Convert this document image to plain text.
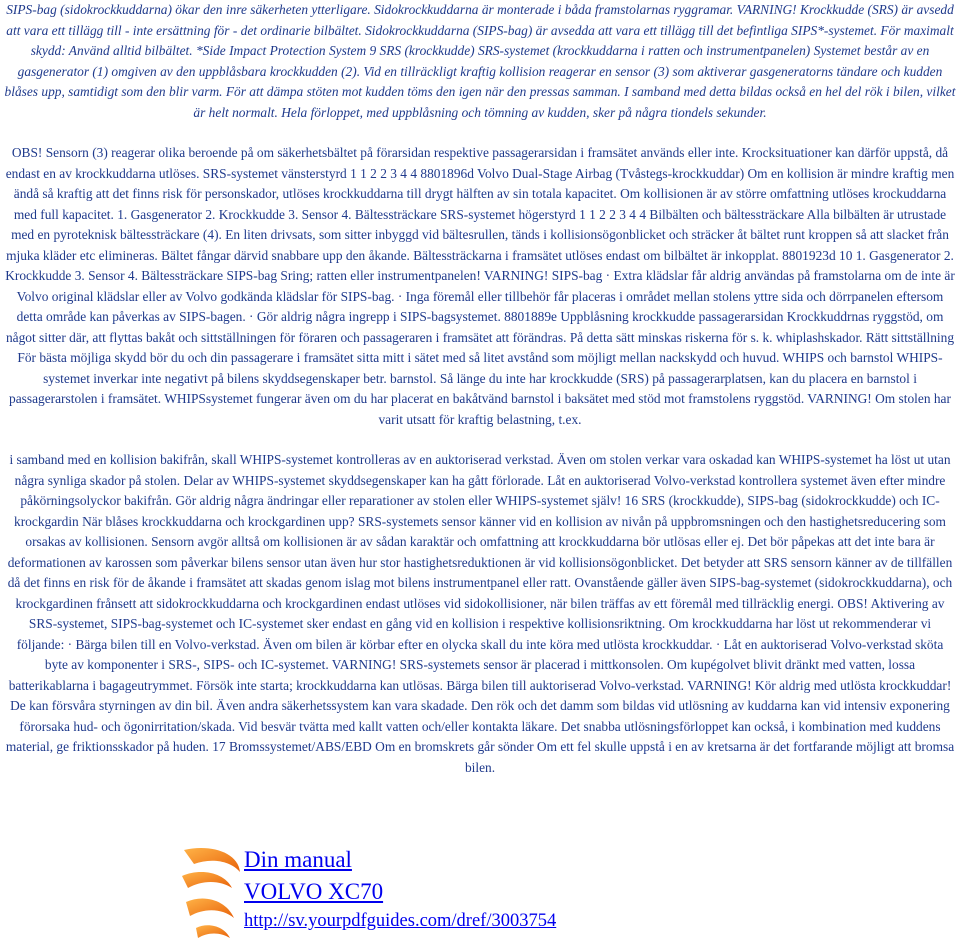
SIPS-bag (sidokrockkuddarna) ökar den inre säkerheten ytterligare. Sidokrockkuddarna är monterade i båda framstolarnas ryggramar. VARNING! Krockkudde (SRS) är avsedd att vara ett tillägg till - inte ersättning för - det ordinarie bilbältet. Sidokrockkuddarna (SIPS-bag) är avsedda att vara ett tillägg till det befintliga SIPS*-systemet. För maximalt skydd: Använd alltid bilbältet. *Side Impact Protection System 9 SRS (krockkudde) SRS-systemet (krockkuddarna i ratten och instrumentpanelen) Systemet består av en gasgenerator (1) omgiven av den uppblåsbara krockkudden (2). Vid en tillräckligt kraftig kollision reagerar en sensor (3) som aktiverar gasgeneratorns tändare och kudden blåses upp, samtidigt som den blir varm. För att dämpa stöten mot kudden töms den igen när den pressas samman. I samband med detta bildas också en hel del rök i bilen, vilket är helt normalt. Hela förloppet, med uppblåsning och tömning av kudden, sker på några tiondels sekunder.

OBS! Sensorn (3) reagerar olika beroende på om säkerhetsbältet på förarsidan respektive passagerarsidan i framsätet används eller inte. Krocksituationer kan därför uppstå, då endast en av krockkuddarna utlöses. SRS-systemet vänsterstyrd 1 1 2 2 3 4 4 8801896d Volvo Dual-Stage Airbag (Tvåstegs-krockkuddar) Om en kollision är mindre kraftig men ändå så kraftig att det finns risk för personskador, utlöses krockkuddarna till drygt hälften av sin totala kapacitet. Om kollisionen är av större omfattning utlöses krockuddarna med full kapacitet. 1. Gasgenerator 2. Krockkudde 3. Sensor 4. Bältessträckare SRS-systemet högerstyrd 1 1 2 2 3 4 4 Bilbälten och bältessträckare Alla bilbälten är utrustade med en pyroteknisk bältessträckare (4). En liten drivsats, som sitter inbyggd vid bältesrullen, tänds i kollisionsögonblicket och sträcker åt bältet runt kroppen så att slacket från mjuka kläder etc elimineras. Bältet fångar därvid snabbare upp den åkande. Bältessträckarna i framsätet utlöses endast om bilbältet är inkopplat. 8801923d 10 1. Gasgenerator 2. Krockkudde 3. Sensor 4. Bältessträckare SIPS-bag Sring; ratten eller instrumentpanelen! VARNING! SIPS-bag · Extra klädslar får aldrig användas på framstolarna om de inte är Volvo original klädslar eller av Volvo godkända klädslar för SIPS-bag. · Inga föremål eller tillbehör får placeras i området mellan stolens yttre sida och dörrpanelen eftersom detta område kan påverkas av SIPS-bagen. · Gör aldrig några ingrepp i SIPS-bagsystemet. 8801889e Uppblåsning krockkudde passagerarsidan Krockkuddrnas ryggstöd, om något sitter där, att flyttas bakåt och sittställningen för föraren och passageraren i framsätet att förändras. På detta sätt minskas riskerna för s. k. whiplashskador. Rätt sittställning För bästa möjliga skydd bör du och din passagerare i framsätet sitta mitt i sätet med så litet avstånd som möjligt mellan nackskydd och huvud. WHIPS och barnstol WHIPS-systemet inverkar inte negativt på bilens skyddsegenskaper betr. barnstol. Så länge du inte har krockkudde (SRS) på passagerarplatsen, kan du placera en barnstol i passagerarstolen i framsätet. WHIPSsystemet fungerar även om du har placerat en bakåtvänd barnstol i baksätet med stöd mot framstolens ryggstöd. VARNING! Om stolen har varit utsatt för kraftig belastning, t.ex.

i samband med en kollision bakifrån, skall WHIPS-systemet kontrolleras av en auktoriserad verkstad. Även om stolen verkar vara oskadad kan WHIPS-systemet ha löst ut utan några synliga skador på stolen. Delar av WHIPS-systemet skyddsegenskaper kan ha gått förlorade. Låt en auktoriserad Volvo-verkstad kontrollera systemet även efter mindre påkörningsolyckor bakifrån. Gör aldrig några ändringar eller reparationer av stolen eller WHIPS-systemet själv! 16 SRS (krockkudde), SIPS-bag (sidokrockkudde) och IC-krockgardin När blåses krockkuddarna och krockgardinen upp? SRS-systemets sensor känner vid en kollision av nivån på uppbromsningen och den hastighetsreducering som orsakas av kollisionen. Sensorn avgör alltså om kollisionen är av sådan karaktär och omfattning att krockkuddarna bör utlösas eller ej. Det bör påpekas att det inte bara är deformationen av karossen som påverkar bilens sensor utan även hur stor hastighetsreduktionen är vid kollisionsögonblicket. Det betyder att SRS sensorn känner av de tillfällen då det finns en risk för de åkande i framsätet att skadas genom islag mot bilens instrumentpanel eller ratt. Ovanstående gäller även SIPS-bag-systemet (sidokrockkuddarna), och krockgardinen frånsett att sidokrockkuddarna och krockgardinen endast utlöses vid sidokollisioner, när bilen träffas av ett föremål med tillräcklig energi. OBS! Aktivering av SRS-systemet, SIPS-bag-systemet och IC-systemet sker endast en gång vid en kollision i respektive kollisionsriktning. Om krockkuddarna har löst ut rekommenderar vi följande: · Bärga bilen till en Volvo-verkstad. Även om bilen är körbar efter en olycka skall du inte köra med utlösta krockkuddar. · Låt en auktoriserad Volvo-verkstad sköta byte av komponenter i SRS-, SIPS- och IC-systemet. VARNING! SRS-systemets sensor är placerad i mittkonsolen. Om kupégolvet blivit dränkt med vatten, lossa batterikablarna i bagageutrymmet. Försök inte starta; krockkuddarna kan utlösas. Bärga bilen till auktoriserad Volvo-verkstad. VARNING! Kör aldrig med utlösta krockkuddar! De kan försvåra styrningen av din bil. Även andra säkerhetssystem kan vara skadade. Den rök och det damm som bildas vid utlösning av kuddarna kan vid intensiv exponering förorsaka hud- och ögonirritation/skada. Vid besvär tvätta med kallt vatten och/eller kontakta läkare. Det snabba utlösningsförloppet kan också, i kombination med kuddens material, ge friktionsskador på huden. 17 Bromssystemet/ABS/EBD Om en bromskrets går sönder Om ett fel skulle uppstå i en av kretsarna är det fortfarande möjligt att bromsa bilen.

Din manual
VOLVO XC70
http://sv.yourpdfguides.com/dref/3003754
